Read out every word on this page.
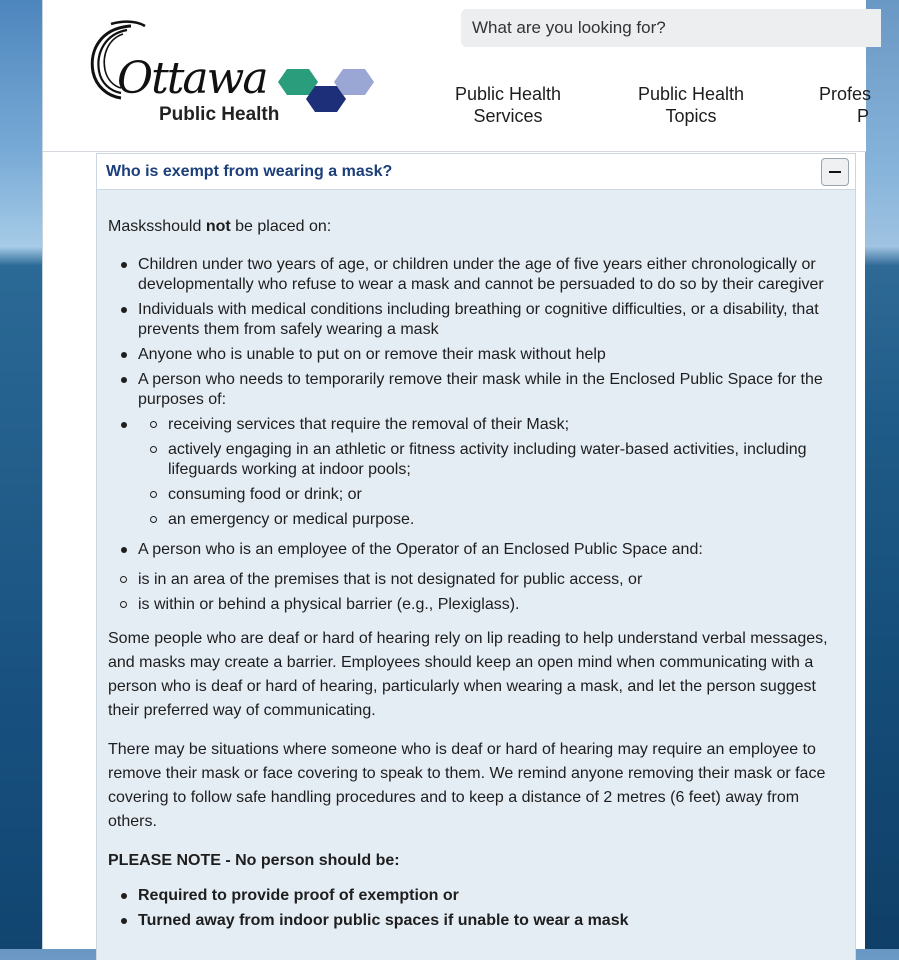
Ottawa
Public Health
What are you looking for?
Public Health
Services
Public Health
Topics
Profes
P
Who is exempt from wearing a mask?

Masksshould not be placed on:

Children under two years of age, or children under the age of five years either chronologically or developmentally who refuse to wear a mask and cannot be persuaded to do so by their caregiver
Individuals with medical conditions including breathing or cognitive difficulties, or a disability, that prevents them from safely wearing a mask
Anyone who is unable to put on or remove their mask without help
A person who needs to temporarily remove their mask while in the Enclosed Public Space for the purposes of:
receiving services that require the removal of their Mask;
actively engaging in an athletic or fitness activity including water-based activities, including lifeguards working at indoor pools;
consuming food or drink; or
an emergency or medical purpose.
A person who is an employee of the Operator of an Enclosed Public Space and:
is in an area of the premises that is not designated for public access, or
is within or behind a physical barrier (e.g., Plexiglass).

Some people who are deaf or hard of hearing rely on lip reading to help understand verbal messages, and masks may create a barrier. Employees should keep an open mind when communicating with a person who is deaf or hard of hearing, particularly when wearing a mask, and let the person suggest their preferred way of communicating.

There may be situations where someone who is deaf or hard of hearing may require an employee to remove their mask or face covering to speak to them. We remind anyone removing their mask or face covering to follow safe handling procedures and to keep a distance of 2 metres (6 feet) away from others.

PLEASE NOTE - No person should be:

Required to provide proof of exemption or
Turned away from indoor public spaces if unable to wear a mask
